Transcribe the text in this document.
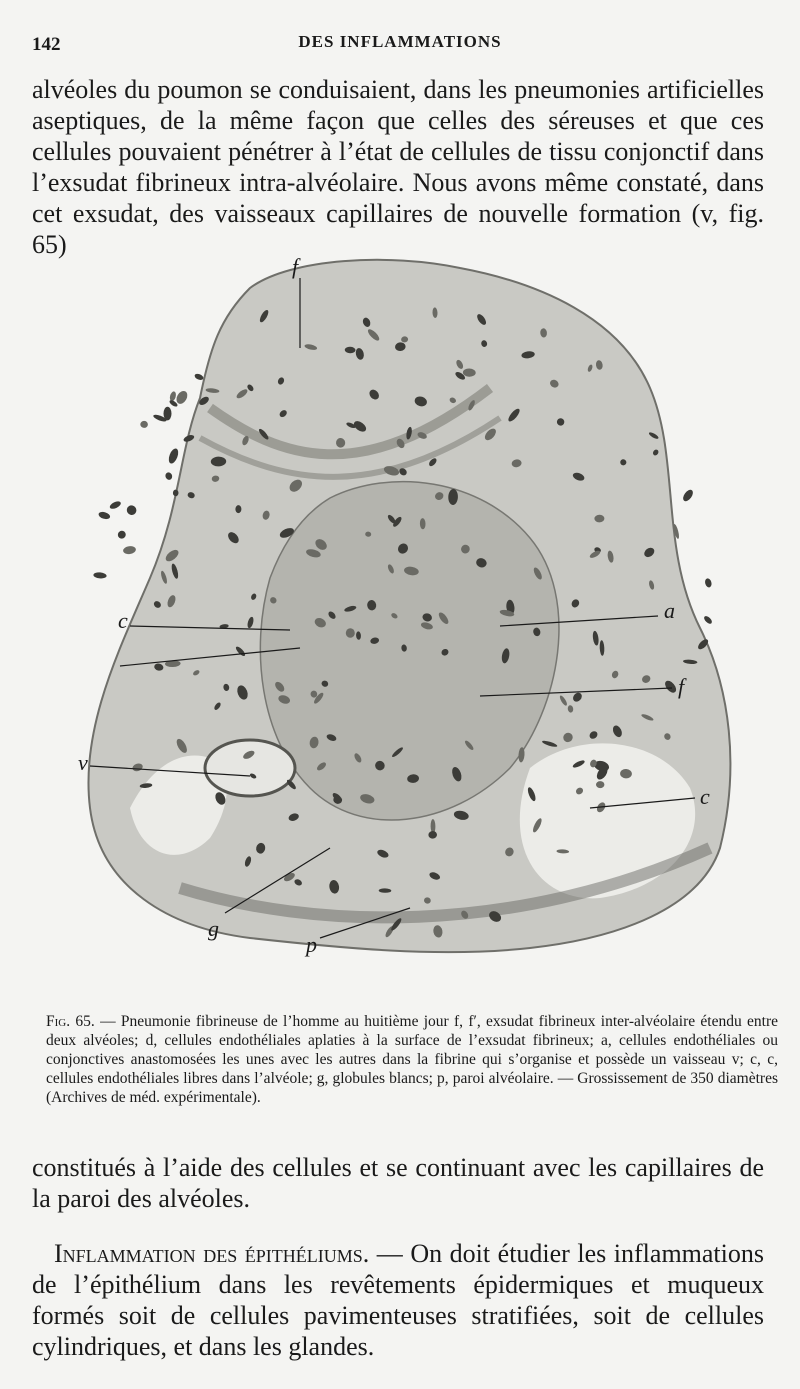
142	DES INFLAMMATIONS

alvéoles du poumon se conduisaient, dans les pneumonies artificielles aseptiques, de la même façon que celles des séreuses et que ces cellules pouvaient pénétrer à l’état de cellules de tissu conjonctif dans l’exsudat fibrineux intra-alvéolaire. Nous avons même constaté, dans cet exsudat, des vaisseaux capillaires de nouvelle formation (v, fig. 65)

f
c	a
f
v
c
g
p

Fig. 65. — Pneumonie fibrineuse de l’homme au huitième jour f, f′, exsudat fibrineux inter-alvéolaire étendu entre deux alvéoles; d, cellules endothéliales aplaties à la surface de l’exsudat fibrineux; a, cellules endothéliales ou conjonctives anastomosées les unes avec les autres dans la fibrine qui s’organise et possède un vaisseau v; c, c, cellules endothéliales libres dans l’alvéole; g, globules blancs; p, paroi alvéolaire. — Grossissement de 350 diamètres (Archives de méd. expérimentale).

constitués à l’aide des cellules et se continuant avec les capillaires de la paroi des alvéoles.

Inflammation des épithéliums. — On doit étudier les inflammations de l’épithélium dans les revêtements épidermiques et muqueux formés soit de cellules pavimenteuses stratifiées, soit de cellules cylindriques, et dans les glandes.
